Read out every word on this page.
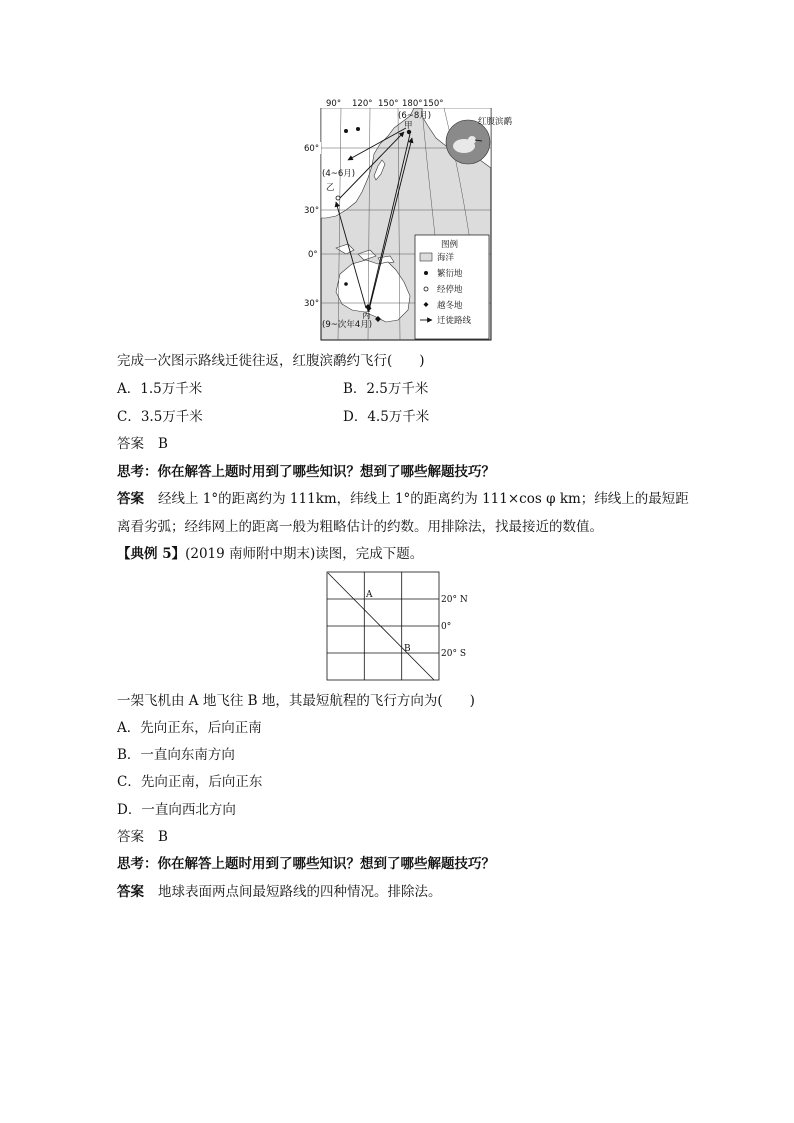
90° 120° 150° 180° 150°
60°
30°
0°
30°
(6~8月)
甲
(4~6月)
乙
丙
(9~次年4月)
红腹滨鹬
图例
海洋
繁衍地
经停地
越冬地
迁徙路线
完成一次图示路线迁徙往返，红腹滨鹬约飞行(　　)
A．1.5万千米	B．2.5万千米
C．3.5万千米	D．4.5万千米
答案 B
思考：你在解答上题时用到了哪些知识？想到了哪些解题技巧？
答案 经线上 1°的距离约为 111km，纬线上 1°的距离约为 111×cos φ km；纬线上的最短距
离看劣弧；经纬网上的距离一般为粗略估计的约数。用排除法，找最接近的数值。
【典例 5】(2019 南师附中期末)读图，完成下题。
A
B
20° N
0°
20° S
一架飞机由 A 地飞往 B 地，其最短航程的飞行方向为(　　)
A．先向正东，后向正南
B．一直向东南方向
C．先向正南，后向正东
D．一直向西北方向
答案 B
思考：你在解答上题时用到了哪些知识？想到了哪些解题技巧？
答案 地球表面两点间最短路线的四种情况。排除法。
